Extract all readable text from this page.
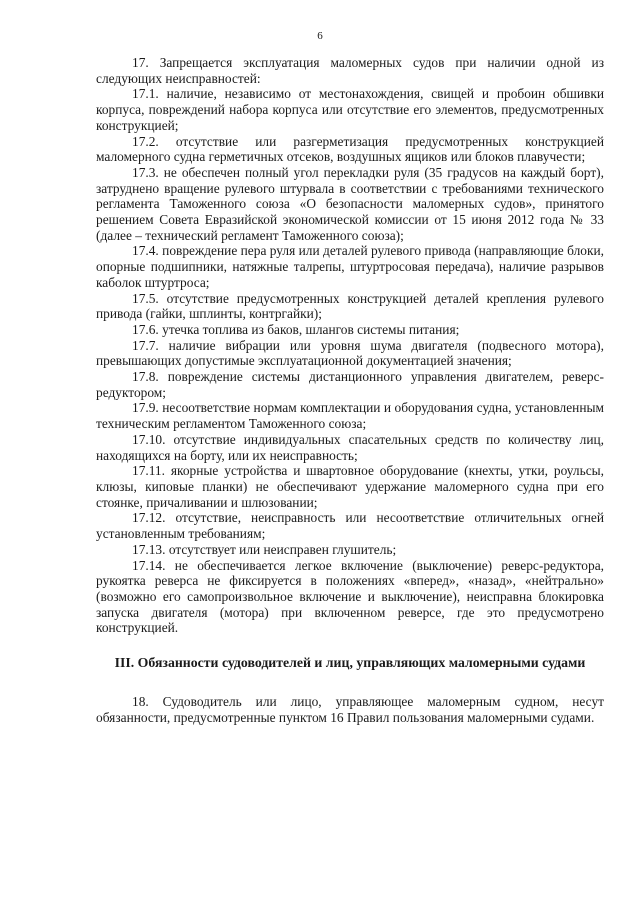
6

17. Запрещается эксплуатация маломерных судов при наличии одной из следующих неисправностей:

17.1. наличие, независимо от местонахождения, свищей и пробоин обшивки корпуса, повреждений набора корпуса или отсутствие его элементов, предусмотренных конструкцией;

17.2. отсутствие или разгерметизация предусмотренных конструкцией маломерного судна герметичных отсеков, воздушных ящиков или блоков плавучести;

17.3. не обеспечен полный угол перекладки руля (35 градусов на каждый борт), затруднено вращение рулевого штурвала в соответствии с требованиями технического регламента Таможенного союза «О безопасности маломерных судов», принятого решением Совета Евразийской экономической комиссии от 15 июня 2012 года № 33 (далее – технический регламент Таможенного союза);

17.4. повреждение пера руля или деталей рулевого привода (направляющие блоки, опорные подшипники, натяжные талрепы, штуртросовая передача), наличие разрывов каболок штуртроса;

17.5. отсутствие предусмотренных конструкцией деталей крепления рулевого привода (гайки, шплинты, контргайки);

17.6. утечка топлива из баков, шлангов системы питания;

17.7. наличие вибрации или уровня шума двигателя (подвесного мотора), превышающих допустимые эксплуатационной документацией значения;

17.8. повреждение системы дистанционного управления двигателем, реверс-редуктором;

17.9. несоответствие нормам комплектации и оборудования судна, установленным техническим регламентом Таможенного союза;

17.10. отсутствие индивидуальных спасательных средств по количеству лиц, находящихся на борту, или их неисправность;

17.11. якорные устройства и швартовное оборудование (кнехты, утки, роульсы, клюзы, киповые планки) не обеспечивают удержание маломерного судна при его стоянке, причаливании и шлюзовании;

17.12. отсутствие, неисправность или несоответствие отличительных огней установленным требованиям;

17.13. отсутствует или неисправен глушитель;

17.14. не обеспечивается легкое включение (выключение) реверс-редуктора, рукоятка реверса не фиксируется в положениях «вперед», «назад», «нейтрально» (возможно его самопроизвольное включение и выключение), неисправна блокировка запуска двигателя (мотора) при включенном реверсе, где это предусмотрено конструкцией.

III. Обязанности судоводителей и лиц, управляющих маломерными судами

18. Судоводитель или лицо, управляющее маломерным судном, несут обязанности, предусмотренные пунктом 16 Правил пользования маломерными судами.
